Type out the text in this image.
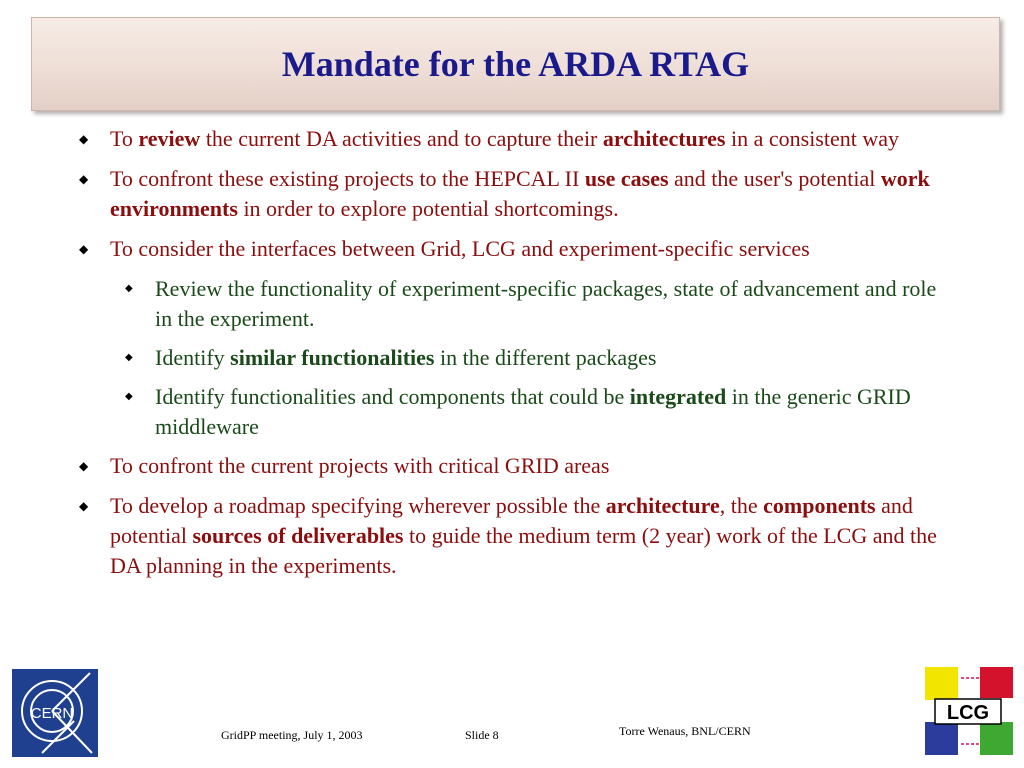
Mandate for the ARDA RTAG
◆ To review the current DA activities and to capture their architectures in a consistent way
◆ To confront these existing projects to the HEPCAL II use cases and the user's potential work environments in order to explore potential shortcomings.
◆ To consider the interfaces between Grid, LCG and experiment-specific services
◆ Review the functionality of experiment-specific packages, state of advancement and role in the experiment.
◆ Identify similar functionalities in the different packages
◆ Identify functionalities and components that could be integrated in the generic GRID middleware
◆ To confront the current projects with critical GRID areas
◆ To develop a roadmap specifying wherever possible the architecture, the components and potential sources of deliverables to guide the medium term (2 year) work of the LCG and the DA planning in the experiments.
GridPP meeting, July 1, 2003	Slide 8	Torre Wenaus, BNL/CERN
CERN	LCG
